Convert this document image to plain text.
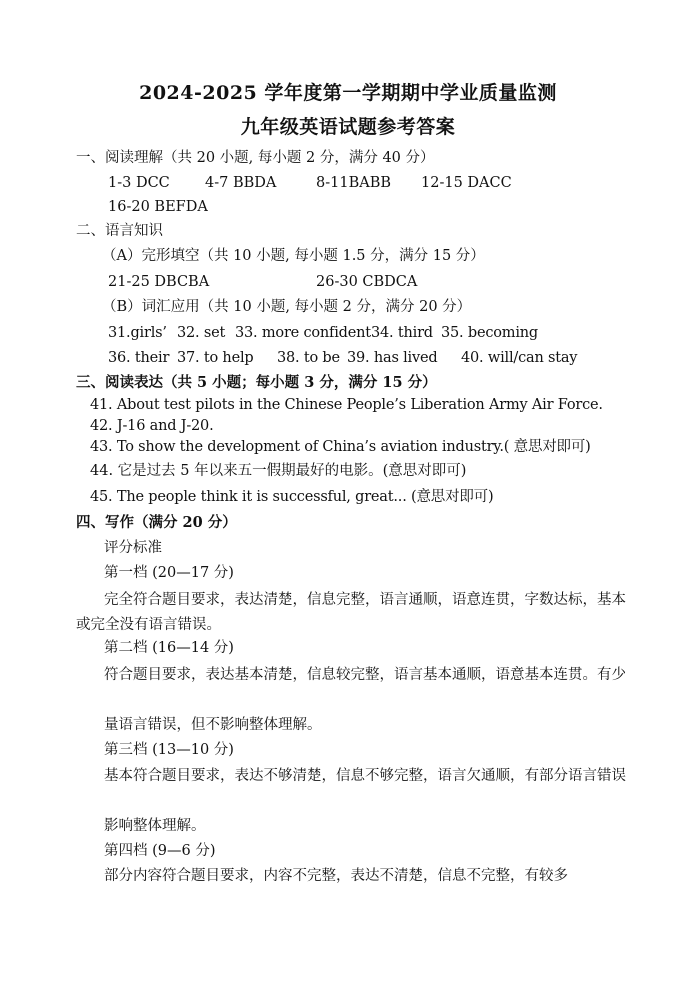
2024-2025 学年度第一学期期中学业质量监测
九年级英语试题参考答案
一、阅读理解（共 20 小题, 每小题 2 分，满分 40 分）
1-3 DCC 4-7 BBDA	8-11BABB 12-15 DACC
16-20 BEFDA
二、语言知识
（A）完形填空（共 10 小题, 每小题 1.5 分，满分 15 分）
21-25 DBCBA	26-30 CBDCA
（B）词汇应用（共 10 小题, 每小题 2 分，满分 20 分）
31.girls’ 32. set 33. more confident 34. third 35. becoming
36. their 37. to help 38. to be 39. has lived 40. will/can stay
三、阅读表达（共 5 小题；每小题 3 分，满分 15 分）
41. About test pilots in the Chinese People’s Liberation Army Air Force.
42. J-16 and J-20.
43. To show the development of China’s aviation industry.( 意思对即可)
44. 它是过去 5 年以来五一假期最好的电影。(意思对即可)
45. The people think it is successful, great... (意思对即可)
四、写作（满分 20 分）
评分标准
第一档 (20—17 分)
完全符合题目要求，表达清楚，信息完整，语言通顺，语意连贯，字数达标，基本或完全没有语言错误。
第二档 (16—14 分)
符合题目要求，表达基本清楚，信息较完整，语言基本通顺，语意基本连贯。有少
量语言错误，但不影响整体理解。
第三档 (13—10 分)
基本符合题目要求，表达不够清楚，信息不够完整，语言欠通顺，有部分语言错误
影响整体理解。
第四档 (9—6 分)
部分内容符合题目要求，内容不完整，表达不清楚，信息不完整，有较多
